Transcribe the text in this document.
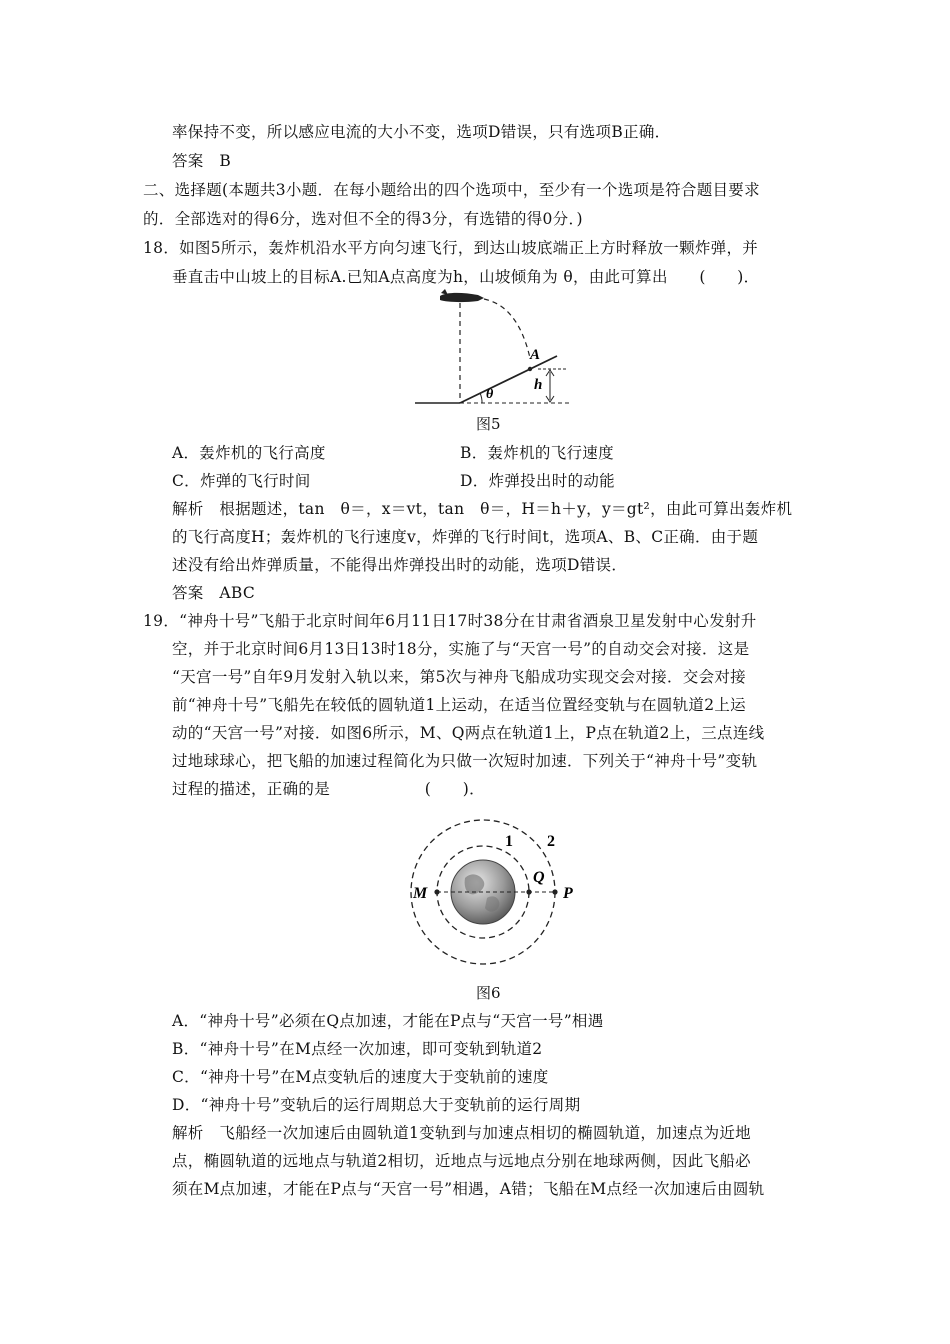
率保持不变，所以感应电流的大小不变，选项D错误，只有选项B正确．
答案　B
二、选择题(本题共3小题．在每小题给出的四个选项中，至少有一个选项是符合题目要求
的．全部选对的得6分，选对但不全的得3分，有选错的得0分．)
18．如图5所示，轰炸机沿水平方向匀速飞行，到达山坡底端正上方时释放一颗炸弹，并
垂直击中山坡上的目标A.已知A点高度为h，山坡倾角为 θ，由此可算出　　(　　)．
A
h
θ
图5
A．轰炸机的飞行高度	B．轰炸机的飞行速度
C．炸弹的飞行时间	D．炸弹投出时的动能
解析　根据题述，tan　θ＝，x＝vt，tan　θ＝，H＝h＋y，y＝gt²，由此可算出轰炸机
的飞行高度H；轰炸机的飞行速度v，炸弹的飞行时间t，选项A、B、C正确．由于题
述没有给出炸弹质量，不能得出炸弹投出时的动能，选项D错误．
答案　ABC
19．“神舟十号”飞船于北京时间年6月11日17时38分在甘肃省酒泉卫星发射中心发射升
空，并于北京时间6月13日13时18分，实施了与“天宫一号”的自动交会对接．这是
“天宫一号”自年9月发射入轨以来，第5次与神舟飞船成功实现交会对接．交会对接
前“神舟十号”飞船先在较低的圆轨道1上运动，在适当位置经变轨与在圆轨道2上运
动的“天宫一号”对接．如图6所示，M、Q两点在轨道1上，P点在轨道2上，三点连线
过地球球心，把飞船的加速过程简化为只做一次短时加速．下列关于“神舟十号”变轨
过程的描述，正确的是　　　　　　(　　)．
M
Q
P
1 2
图6
A．“神舟十号”必须在Q点加速，才能在P点与“天宫一号”相遇
B．“神舟十号”在M点经一次加速，即可变轨到轨道2
C．“神舟十号”在M点变轨后的速度大于变轨前的速度
D．“神舟十号”变轨后的运行周期总大于变轨前的运行周期
解析　飞船经一次加速后由圆轨道1变轨到与加速点相切的椭圆轨道，加速点为近地
点，椭圆轨道的远地点与轨道2相切，近地点与远地点分别在地球两侧，因此飞船必
须在M点加速，才能在P点与“天宫一号”相遇，A错；飞船在M点经一次加速后由圆轨
